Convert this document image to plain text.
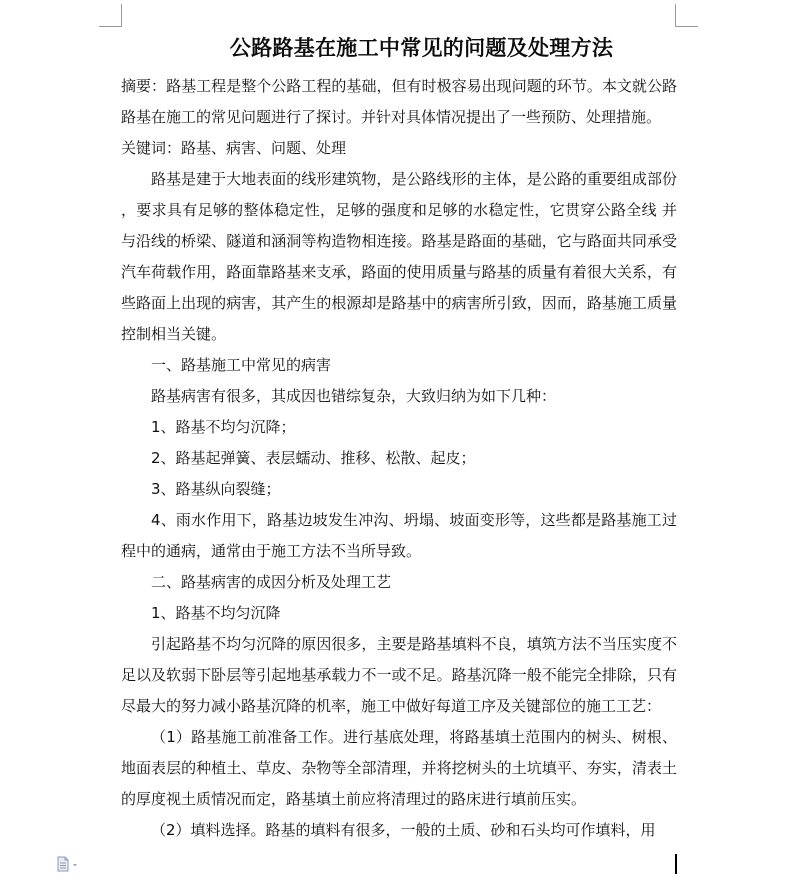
公路路基在施工中常见的问题及处理方法

摘要：路基工程是整个公路工程的基础，但有时极容易出现问题的环节。本文就公路路基在施工的常见问题进行了探讨。并针对具体情况提出了一些预防、处理措施。

关键词：路基、病害、问题、处理

路基是建于大地表面的线形建筑物，是公路线形的主体，是公路的重要组成部份，要求具有足够的整体稳定性，足够的强度和足够的水稳定性，它贯穿公路全线 并与沿线的桥梁、隧道和涵洞等构造物相连接。路基是路面的基础，它与路面共同承受汽车荷载作用，路面靠路基来支承，路面的使用质量与路基的质量有着很大关系，有些路面上出现的病害，其产生的根源却是路基中的病害所引致，因而，路基施工质量控制相当关键。

一、路基施工中常见的病害

路基病害有很多，其成因也错综复杂，大致归纳为如下几种：

1、路基不均匀沉降；

2、路基起弹簧、表层蠕动、推移、松散、起皮；

3、路基纵向裂缝；

4、雨水作用下，路基边坡发生冲沟、坍塌、坡面变形等，这些都是路基施工过程中的通病，通常由于施工方法不当所导致。

二、路基病害的成因分析及处理工艺

1、路基不均匀沉降

引起路基不均匀沉降的原因很多，主要是路基填料不良，填筑方法不当压实度不足以及软弱下卧层等引起地基承载力不一或不足。路基沉降一般不能完全排除，只有尽最大的努力减小路基沉降的机率，施工中做好每道工序及关键部位的施工工艺：

（1）路基施工前准备工作。进行基底处理，将路基填土范围内的树头、树根、地面表层的种植土、草皮、杂物等全部清理，并将挖树头的土坑填平、夯实，清表土的厚度视土质情况而定，路基填土前应将清理过的路床进行填前压实。

（2）填料选择。路基的填料有很多，一般的土质、砂和石头均可作填料，用
